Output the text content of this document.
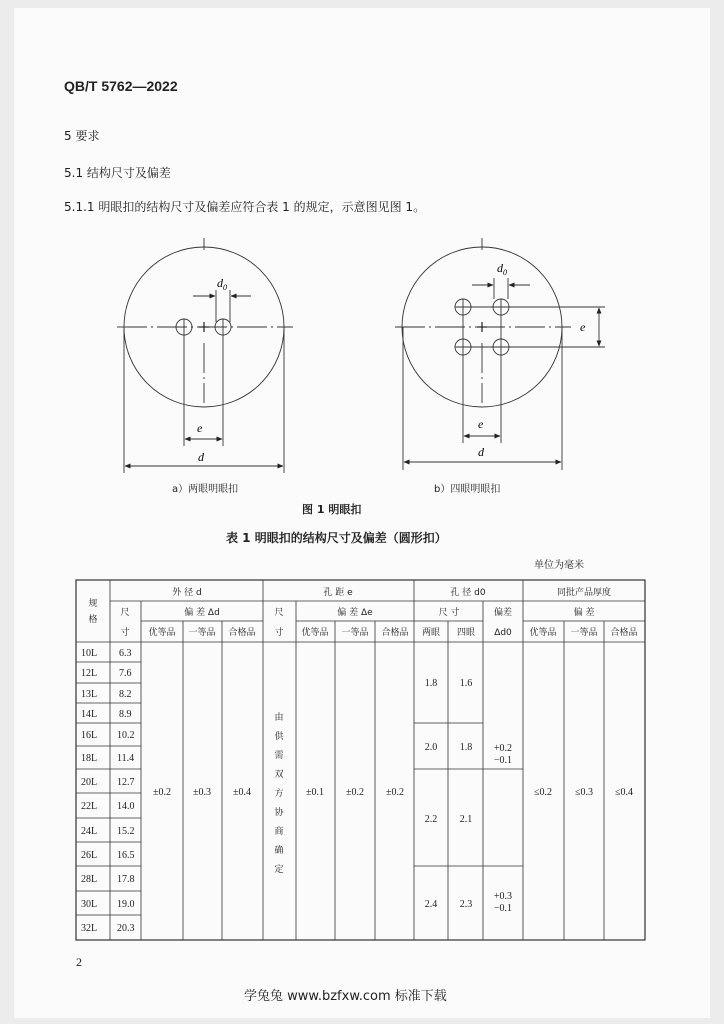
QB/T 5762—2022
5 要求
5.1 结构尺寸及偏差
5.1.1 明眼扣的结构尺寸及偏差应符合表 1 的规定，示意图见图 1。
$d_0$
e
d
$d_0$
e
e
d
a）两眼明眼扣	b）四眼明眼扣
图 1 明眼扣
表 1 明眼扣的结构尺寸及偏差（圆形扣）
单位为毫米
规
格
外 径 d
尺
寸
偏 差 Δd
优等品 一等品 合格品
孔 距 e
尺
寸
偏 差 Δe
优等品 一等品 合格品
孔 径 d0
尺 寸
两眼 四眼
偏差
Δd0
同批产品厚度
偏 差
优等品 一等品 合格品
10L 6.3
12L 7.6
13L 8.2
14L 8.9
16L 10.2
18L 11.4
20L 12.7
22L 14.0
24L 15.2
26L 16.5
28L 17.8
30L 19.0
32L 20.3
±0.2 ±0.3 ±0.4
由
供
需
双
方
协
商
确
定
±0.1 ±0.2 ±0.2
1.8 1.6
2.0 1.8
2.2 2.1
2.4 2.3
+0.2
−0.1
+0.3
−0.1
≤0.2 ≤0.3 ≤0.4
2
学兔兔 www.bzfxw.com 标准下载
